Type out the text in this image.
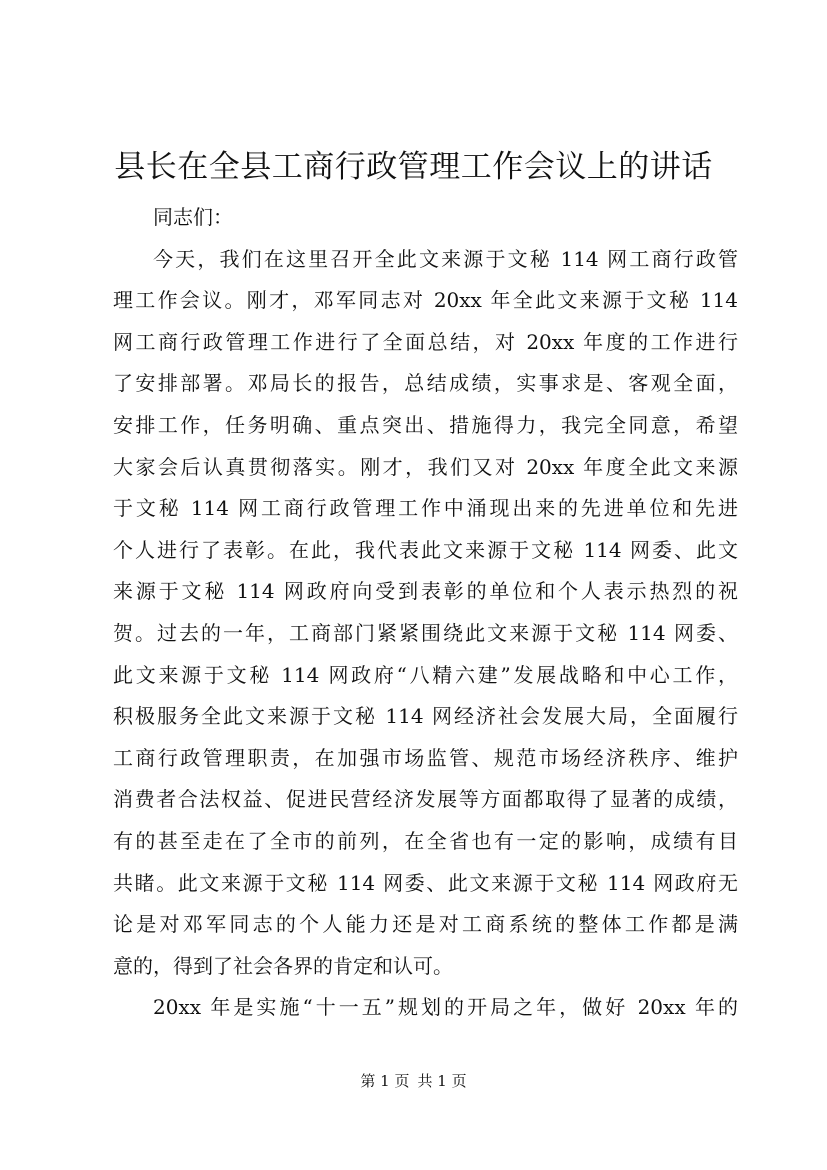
县长在全县工商行政管理工作会议上的讲话
同志们：
今天，我们在这里召开全此文来源于文秘 114 网工商行政管
理工作会议。刚才，邓军同志对 20xx 年全此文来源于文秘 114
网工商行政管理工作进行了全面总结，对 20xx 年度的工作进行
了安排部署。邓局长的报告，总结成绩，实事求是、客观全面，
安排工作，任务明确、重点突出、措施得力，我完全同意，希望
大家会后认真贯彻落实。刚才，我们又对 20xx 年度全此文来源
于文秘 114 网工商行政管理工作中涌现出来的先进单位和先进
个人进行了表彰。在此，我代表此文来源于文秘 114 网委、此文
来源于文秘 114 网政府向受到表彰的单位和个人表示热烈的祝
贺。过去的一年，工商部门紧紧围绕此文来源于文秘 114 网委、
此文来源于文秘 114 网政府“八精六建”发展战略和中心工作，
积极服务全此文来源于文秘 114 网经济社会发展大局，全面履行
工商行政管理职责，在加强市场监管、规范市场经济秩序、维护
消费者合法权益、促进民营经济发展等方面都取得了显著的成绩，
有的甚至走在了全市的前列，在全省也有一定的影响，成绩有目
共睹。此文来源于文秘 114 网委、此文来源于文秘 114 网政府无
论是对邓军同志的个人能力还是对工商系统的整体工作都是满
意的，得到了社会各界的肯定和认可。
20xx 年是实施“十一五”规划的开局之年，做好 20xx 年的
第 1 页 共 1 页
